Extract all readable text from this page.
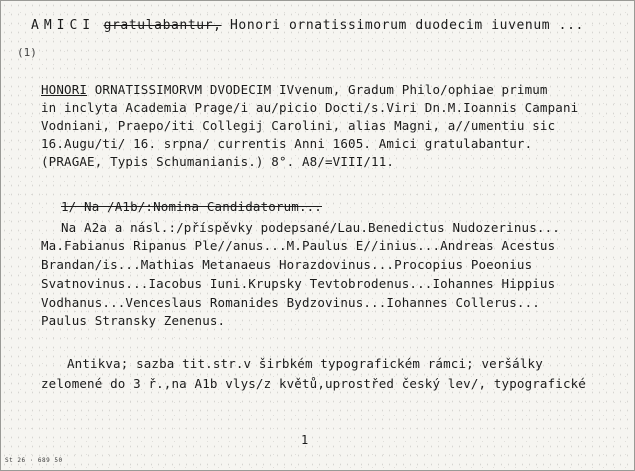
AMICI gratulabantur, Honori ornatissimorum duodecim iuvenum ...
(1)
HONORI ORNATISSIMORVM DVODECIM IVvenum, Gradum Philo/ophiae primum
in inclyta Academia Prage/i au/picio Docti/s.Viri Dn.M.Ioannis Campani
Vodniani, Praepo/iti Collegij Carolini, alias Magni, a//umentiu sic
16.Augu/ti/ 16. srpna/ currentis Anni 1605. Amici gratulabantur.
(PRAGAE, Typis Schumanianis.) 8°. A8/=VIII/11.
1/ Na /A1b/:Nomina Candidatorum...
Na A2a a násl.:/příspěvky podepsané/Lau.Benedictus Nudozerinus...
Ma.Fabianus Ripanus Ple//anus...M.Paulus E//inius...Andreas Acestus
Brandan/is...Mathias Metanaeus Horazdovinus...Procopius Poeonius
Svatnovinus...Iacobus Iuni.Krupsky Tevtobrodenus...Iohannes Hippius
Vodhanus...Venceslaus Romanides Bydzovinus...Iohannes Collerus...
Paulus Stransky Zenenus.
Antikva; sazba tit.str.v širbkém typografickém rámci; veršálky
zelomené do 3 ř.,na A1b vlys/z květů,uprostřed český lev/, typografické
1
St 26 · 689 50
